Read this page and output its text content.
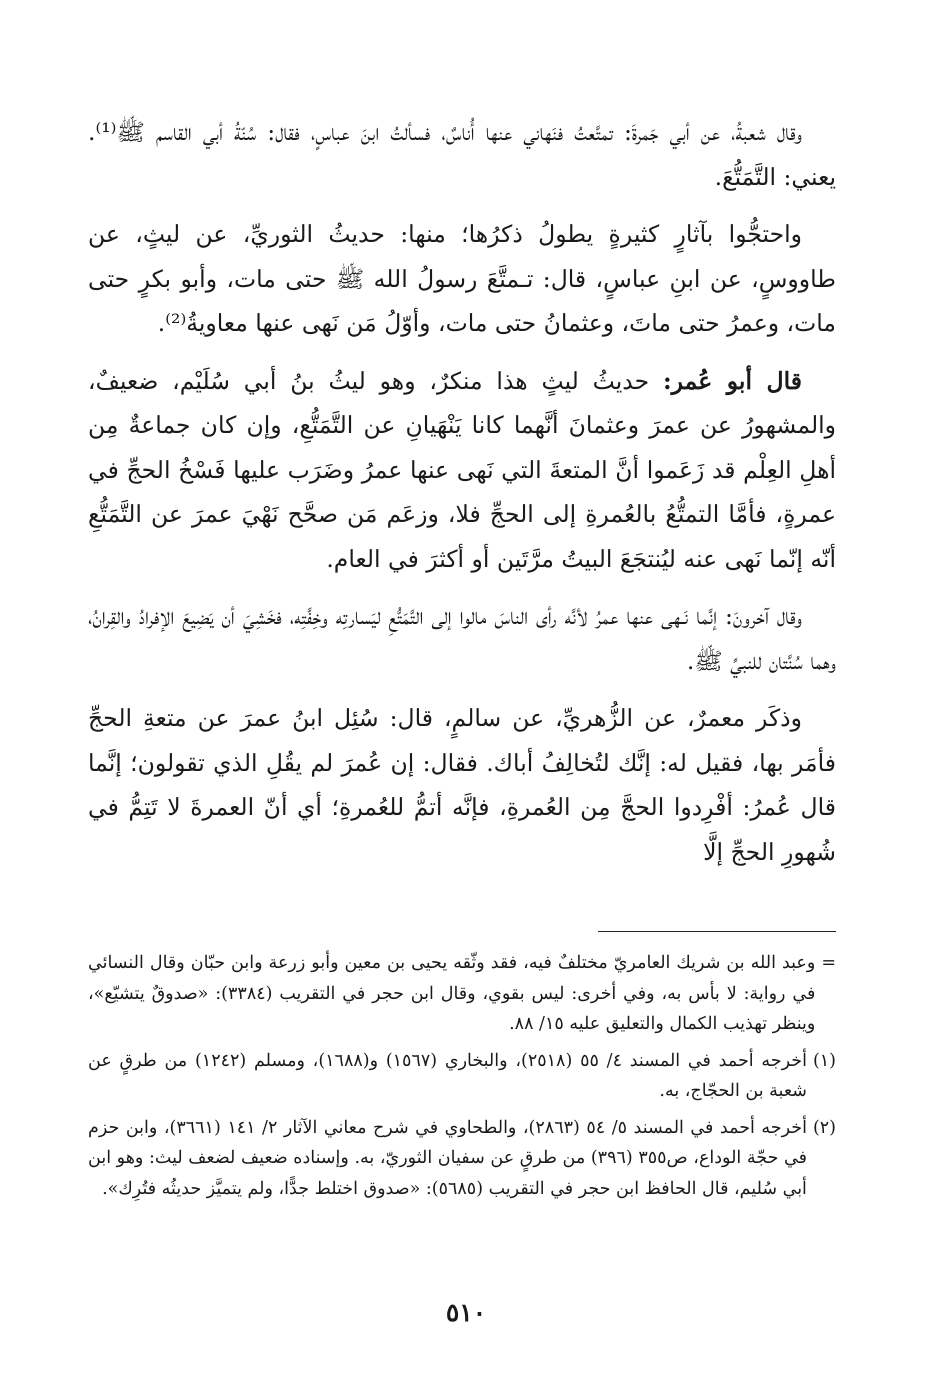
وقال شعبةُ، عن أبي جَمرةَ: تمتَّعتُ فنَهاني عنها أُناسٌ، فسألتُ ابنَ عباسٍ، فقال: سُنّةُ أبي القاسم ﷺ⁽¹⁾. يعني: التَّمَتُّعَ.

واحتجُّوا بآثارٍ كثيرةٍ يطولُ ذكرُها؛ منها: حديثُ الثوريِّ، عن ليثٍ، عن طاووسٍ، عن ابنِ عباسٍ، قال: تـمتَّعَ رسولُ الله ﷺ حتى مات، وأبو بكرٍ حتى مات، وعمرُ حتى ماتَ، وعثمانُ حتى مات، وأوّلُ مَن نَهى عنها معاويةُ⁽²⁾.

قال أبو عُمر: حديثُ ليثٍ هذا منكرٌ، وهو ليثُ بنُ أبي سُلَيْم، ضعيفٌ، والمشهورُ عن عمرَ وعثمانَ أنَّهما كانا يَنْهَيانِ عن التَّمَتُّعِ، وإن كان جماعةٌ مِن أهلِ العِلْم قد زَعَموا أنَّ المتعةَ التي نَهى عنها عمرُ وضَرَب عليها فَسْخُ الحجِّ في عمرةٍ، فأمَّا التمتُّعُ بالعُمرةِ إلى الحجِّ فلا، وزعَم مَن صحَّح نَهْيَ عمرَ عن التَّمَتُّعِ أنّه إنّما نَهى عنه ليُنتجَعَ البيتُ مرَّتَين أو أكثرَ في العام.

وقال آخرونَ: إنَّما نَـهى عنها عمرُ لأنَّه رأى الناسَ مالوا إلى التَّمَتُّعِ ليَسارتِه وخِفَّتِه، فخَشِيَ أن يَضِيعَ الإفرادُ والقِرانُ، وهما سُنَّتان للنبيِّ ﷺ.

وذكَر معمرٌ، عن الزُّهريِّ، عن سالمٍ، قال: سُئِل ابنُ عمرَ عن متعةِ الحجِّ فأمَر بها، فقيل له: إنَّك لتُخالِفُ أباك. فقال: إن عُمرَ لم يقُلِ الذي تقولون؛ إنَّما قال عُمرُ: أفْرِدوا الحجَّ مِن العُمرةِ، فإنَّه أتمُّ للعُمرةِ؛ أي أنّ العمرةَ لا تَتِمُّ في شُهورِ الحجِّ إلَّا

=
وعبد الله بن شريك العامريّ مختلفٌ فيه، فقد وثّقه يحيى بن معين وأبو زرعة وابن حبّان وقال النسائي في رواية: لا بأس به، وفي أخرى: ليس بقوي، وقال ابن حجر في التقريب (٣٣٨٤): «صدوقٌ يتشيّع»، وينظر تهذيب الكمال والتعليق عليه ١٥/ ٨٨.
(١)
أخرجه أحمد في المسند ٤/ ٥٥ (٢٥١٨)، والبخاري (١٥٦٧) و(١٦٨٨)، ومسلم (١٢٤٢) من طرقٍ عن شعبة بن الحجّاج، به.
(٢)
أخرجه أحمد في المسند ٥/ ٥٤ (٢٨٦٣)، والطحاوي في شرح معاني الآثار ٢/ ١٤١ (٣٦٦١)، وابن حزم في حجّة الوداع، ص٣٥٥ (٣٩٦) من طرقٍ عن سفيان الثوريّ، به. وإسناده ضعيف لضعف ليث: وهو ابن أبي سُليم، قال الحافظ ابن حجر في التقريب (٥٦٨٥): «صدوق اختلط جدًّا، ولم يتميَّز حديثُه فتُرِك».
٥١٠
